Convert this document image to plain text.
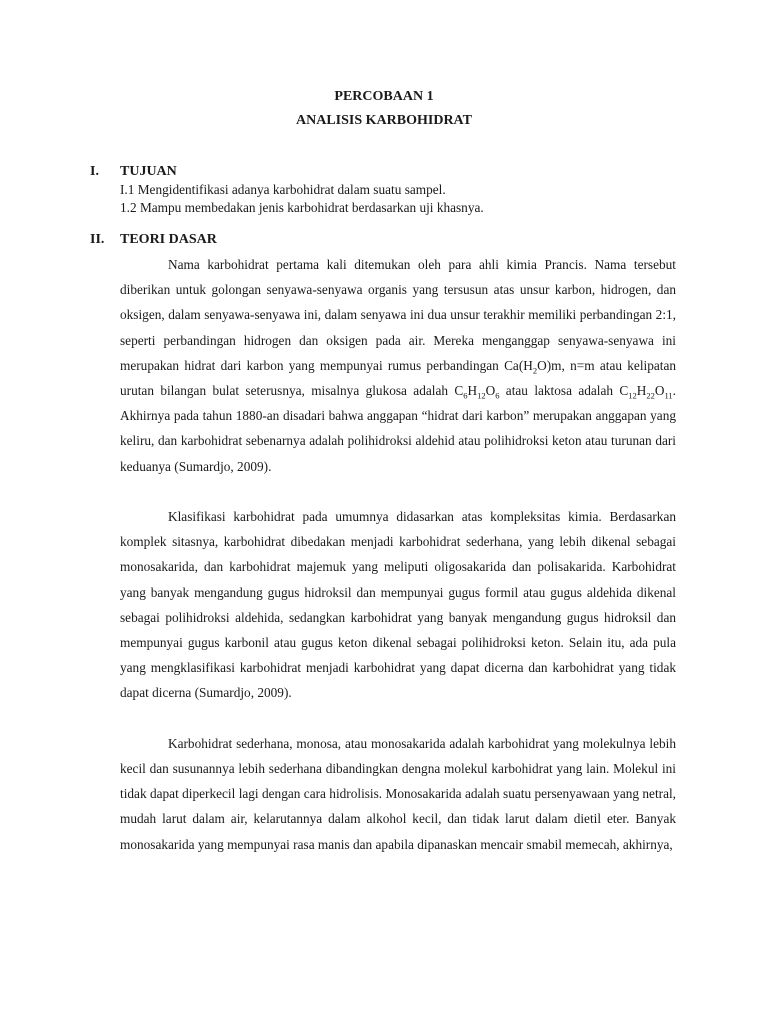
PERCOBAAN 1
ANALISIS KARBOHIDRAT
I. TUJUAN
I.1 Mengidentifikasi adanya karbohidrat dalam suatu sampel.
1.2 Mampu membedakan jenis karbohidrat berdasarkan uji khasnya.
II. TEORI DASAR

Nama karbohidrat pertama kali ditemukan oleh para ahli kimia Prancis. Nama tersebut diberikan untuk golongan senyawa-senyawa organis yang tersusun atas unsur karbon, hidrogen, dan oksigen, dalam senyawa-senyawa ini, dalam senyawa ini dua unsur terakhir memiliki perbandingan 2:1, seperti perbandingan hidrogen dan oksigen pada air. Mereka menganggap senyawa-senyawa ini merupakan hidrat dari karbon yang mempunyai rumus perbandingan $Ca(H_2O)m$, n=m atau kelipatan urutan bilangan bulat seterusnya, misalnya glukosa adalah $C_6H_{12}O_6$ atau laktosa adalah $C_{12}H_{22}O_{11}$. Akhirnya pada tahun 1880-an disadari bahwa anggapan “hidrat dari karbon” merupakan anggapan yang keliru, dan karbohidrat sebenarnya adalah polihidroksi aldehid atau polihidroksi keton atau turunan dari keduanya (Sumardjo, 2009).

Klasifikasi karbohidrat pada umumnya didasarkan atas kompleksitas kimia. Berdasarkan komplek sitasnya, karbohidrat dibedakan menjadi karbohidrat sederhana, yang lebih dikenal sebagai monosakarida, dan karbohidrat majemuk yang meliputi oligosakarida dan polisakarida. Karbohidrat yang banyak mengandung gugus hidroksil dan mempunyai gugus formil atau gugus aldehida dikenal sebagai polihidroksi aldehida, sedangkan karbohidrat yang banyak mengandung gugus hidroksil dan mempunyai gugus karbonil atau gugus keton dikenal sebagai polihidroksi keton. Selain itu, ada pula yang mengklasifikasi karbohidrat menjadi karbohidrat yang dapat dicerna dan karbohidrat yang tidak dapat dicerna (Sumardjo, 2009).

Karbohidrat sederhana, monosa, atau monosakarida adalah karbohidrat yang molekulnya lebih kecil dan susunannya lebih sederhana dibandingkan dengna molekul karbohidrat yang lain. Molekul ini tidak dapat diperkecil lagi dengan cara hidrolisis. Monosakarida adalah suatu persenyawaan yang netral, mudah larut dalam air, kelarutannya dalam alkohol kecil, dan tidak larut dalam dietil eter. Banyak monosakarida yang mempunyai rasa manis dan apabila dipanaskan mencair smabil memecah, akhirnya,
